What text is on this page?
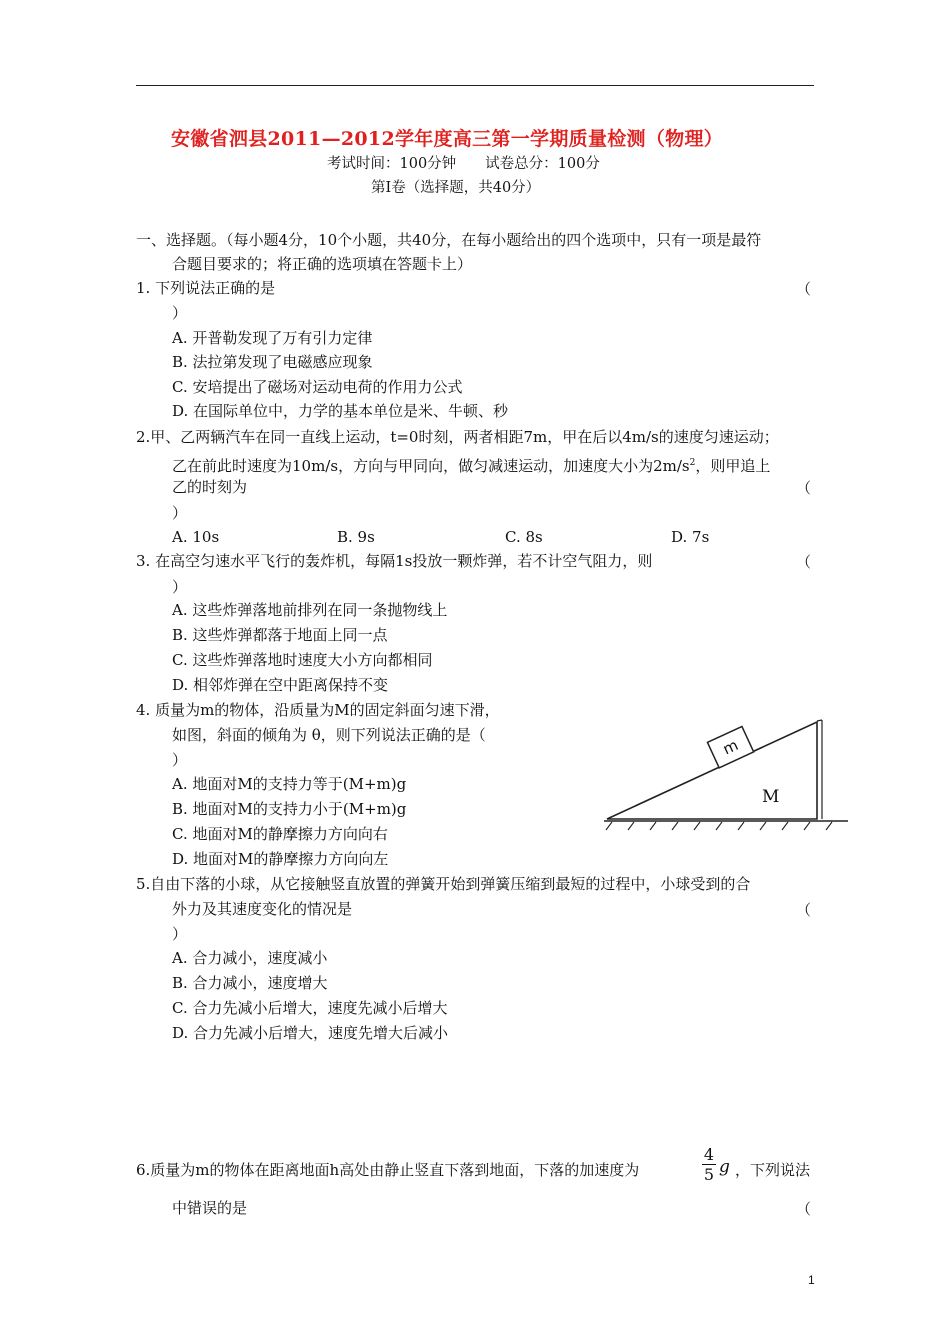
安徽省泗县2011—2012学年度高三第一学期质量检测（物理）
考试时间：100分钟　　试卷总分：100分
第Ⅰ卷（选择题，共40分）
一、选择题。（每小题4分，10个小题，共40分，在每小题给出的四个选项中，只有一项是最符
合题目要求的；将正确的选项填在答题卡上）
1. 下列说法正确的是	（
）
A. 开普勒发现了万有引力定律
B. 法拉第发现了电磁感应现象
C. 安培提出了磁场对运动电荷的作用力公式
D. 在国际单位中，力学的基本单位是米、牛顿、秒
2.甲、乙两辆汽车在同一直线上运动，t=0时刻，两者相距7m，甲在后以4m/s的速度匀速运动；
乙在前此时速度为10m/s，方向与甲同向，做匀减速运动，加速度大小为$2m/s^2$，则甲追上
乙的时刻为	（
）
A. 10s	B. 9s	C. 8s	D. 7s
3. 在高空匀速水平飞行的轰炸机，每隔1s投放一颗炸弹，若不计空气阻力，则	（
）
A. 这些炸弹落地前排列在同一条抛物线上
B. 这些炸弹都落于地面上同一点
C. 这些炸弹落地时速度大小方向都相同
D. 相邻炸弹在空中距离保持不变
4. 质量为m的物体，沿质量为M的固定斜面匀速下滑，
如图，斜面的倾角为 θ，则下列说法正确的是（
）
A. 地面对M的支持力等于(M+m)g
B. 地面对M的支持力小于(M+m)g
C. 地面对M的静摩擦力方向向右
D. 地面对M的静摩擦力方向向左
m
M
5.自由下落的小球，从它接触竖直放置的弹簧开始到弹簧压缩到最短的过程中，小球受到的合
外力及其速度变化的情况是	（
）
A. 合力减小，速度减小
B. 合力减小，速度增大
C. 合力先减小后增大，速度先减小后增大
D. 合力先减小后增大，速度先增大后减小
6.质量为m的物体在距离地面h高处由静止竖直下落到地面，下落的加速度为
4
5 g ，下列说法
中错误的是	（
1
